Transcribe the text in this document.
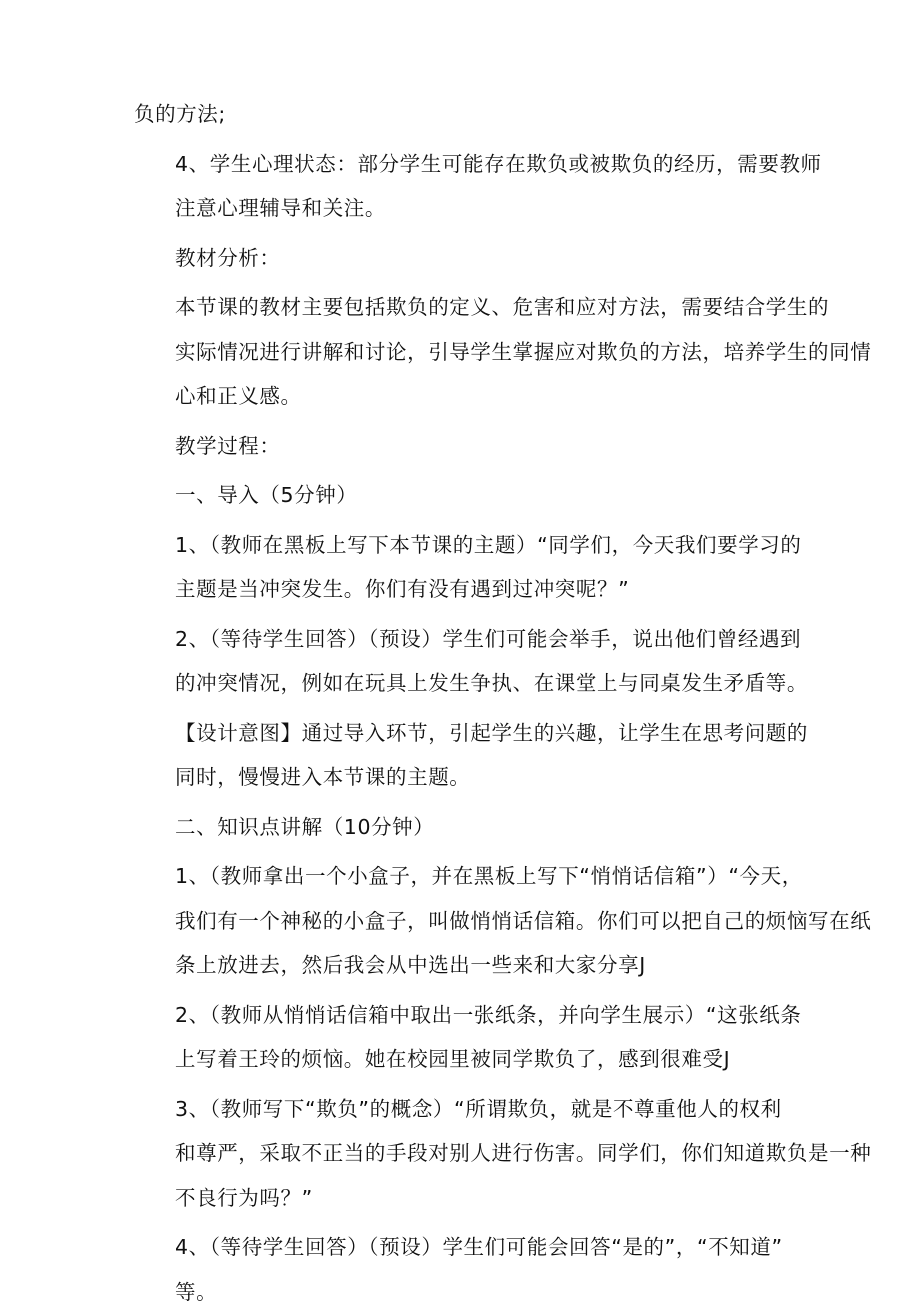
负的方法;

4、学生心理状态：部分学生可能存在欺负或被欺负的经历，需要教师
注意心理辅导和关注。

教材分析：

本节课的教材主要包括欺负的定义、危害和应对方法，需要结合学生的
实际情况进行讲解和讨论，引导学生掌握应对欺负的方法，培养学生的同情
心和正义感。

教学过程：

一、导入（5分钟）

1、（教师在黑板上写下本节课的主题）“同学们，今天我们要学习的
主题是当冲突发生。你们有没有遇到过冲突呢？”

2、（等待学生回答）（预设）学生们可能会举手，说出他们曾经遇到
的冲突情况，例如在玩具上发生争执、在课堂上与同桌发生矛盾等。

【设计意图】通过导入环节，引起学生的兴趣，让学生在思考问题的
同时，慢慢进入本节课的主题。

二、知识点讲解（10分钟）

1、（教师拿出一个小盒子，并在黑板上写下“悄悄话信箱”）“今天，
我们有一个神秘的小盒子，叫做悄悄话信箱。你们可以把自己的烦恼写在纸
条上放进去，然后我会从中选出一些来和大家分享J

2、（教师从悄悄话信箱中取出一张纸条，并向学生展示）“这张纸条
上写着王玲的烦恼。她在校园里被同学欺负了，感到很难受J

3、（教师写下“欺负”的概念）“所谓欺负，就是不尊重他人的权利
和尊严，采取不正当的手段对别人进行伤害。同学们，你们知道欺负是一种
不良行为吗？”

4、（等待学生回答）（预设）学生们可能会回答“是的”，“不知道”
等。
